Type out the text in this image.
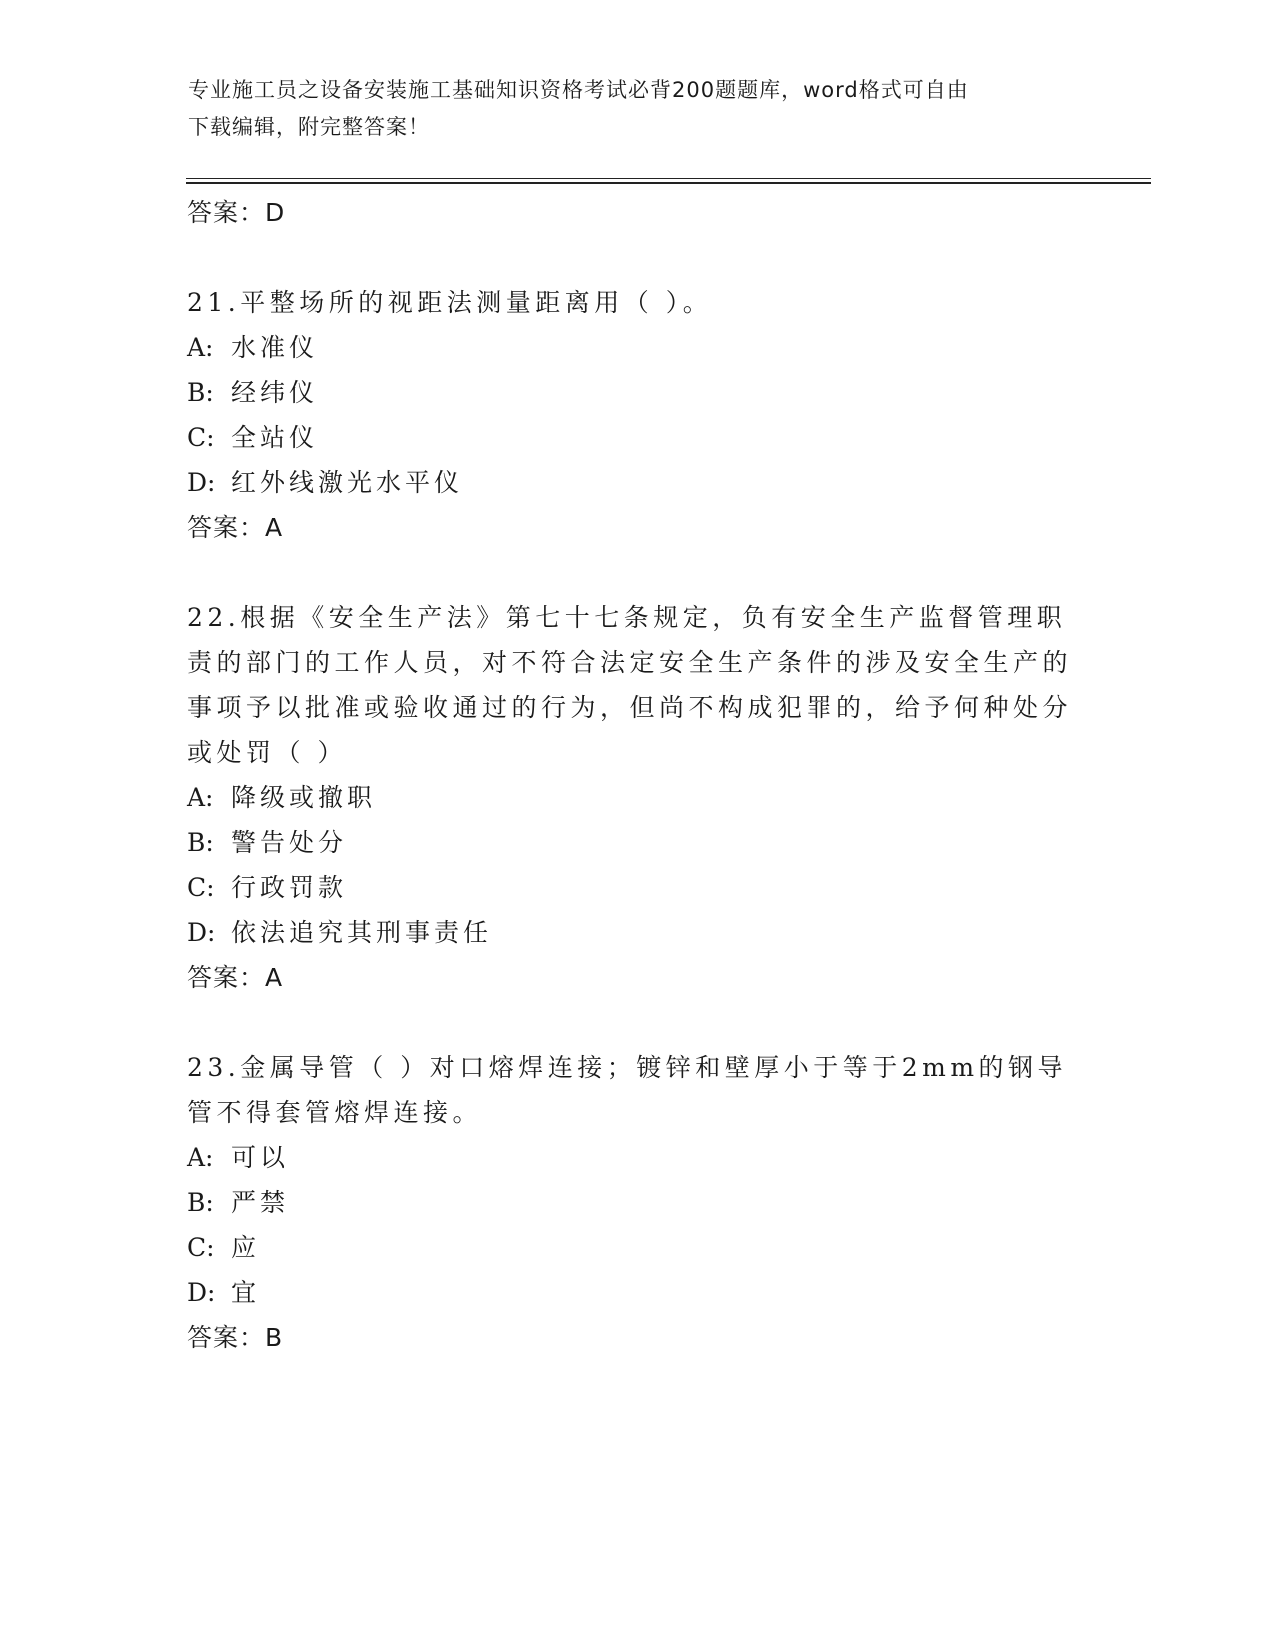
专业施工员之设备安装施工基础知识资格考试必背200题题库，word格式可自由
下载编辑，附完整答案！
答案：D
21.平整场所的视距法测量距离用（ ）。
A: 水准仪
B: 经纬仪
C: 全站仪
D: 红外线激光水平仪
答案：A
22.根据《安全生产法》第七十七条规定，负有安全生产监督管理职责的部门的工作人员，对不符合法定安全生产条件的涉及安全生产的事项予以批准或验收通过的行为，但尚不构成犯罪的，给予何种处分或处罚（ ）
A: 降级或撤职
B: 警告处分
C: 行政罚款
D: 依法追究其刑事责任
答案：A
23.金属导管（ ）对口熔焊连接；镀锌和壁厚小于等于2mm的钢导管不得套管熔焊连接。
A: 可以
B: 严禁
C: 应
D: 宜
答案：B
